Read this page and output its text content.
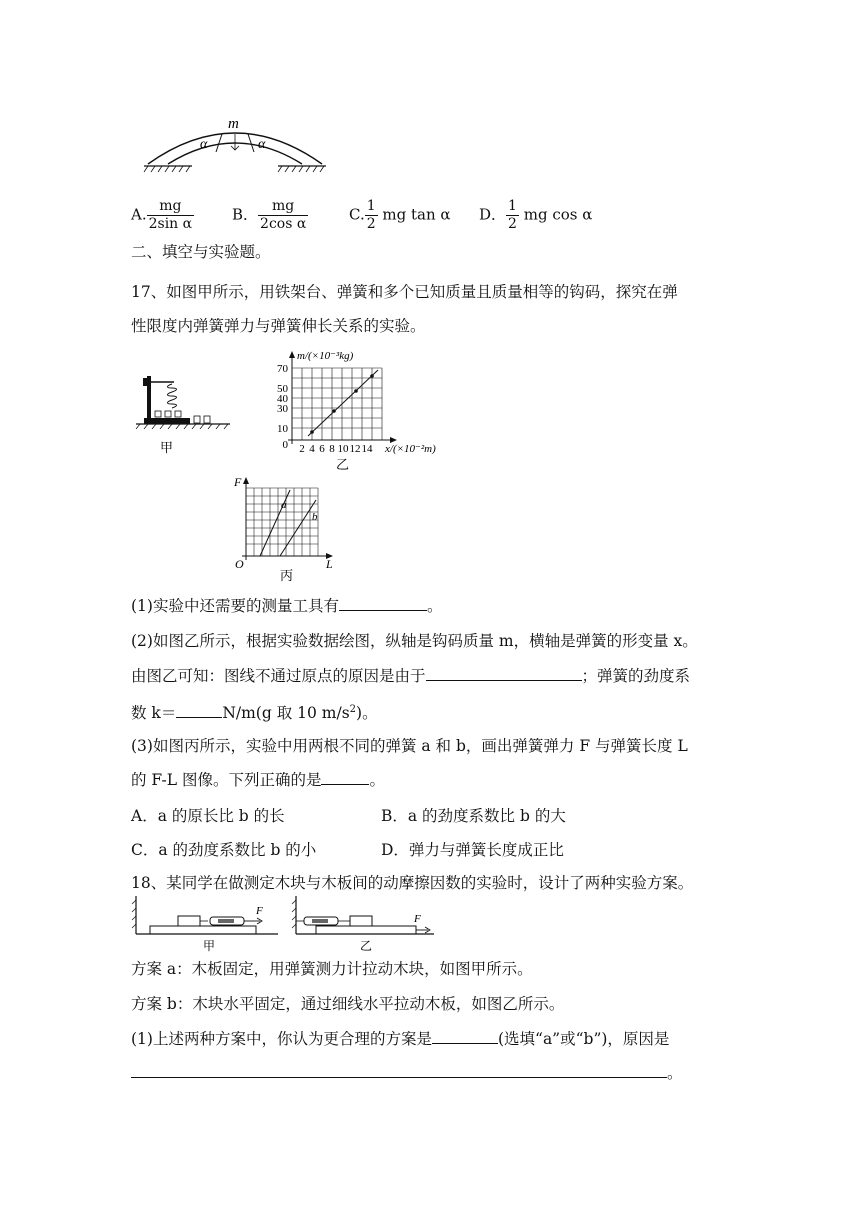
m
α	α
A. $\frac{mg}{\text{2sin α}}$	B． $\frac{mg}{\text{2cos α}}$	C. $\frac{1}{2}$ mg tan α D． $\frac{1}{2}$ mg cos α
二、填空与实验题。
17、如图甲所示，用铁架台、弹簧和多个已知质量且质量相等的钩码，探究在弹
性限度内弹簧弹力与弹簧伸长关系的实验。
甲
m/(×10⁻³kg)
70
50
40
30
10
0 2 4 6 8 10 12 14 x/(×10⁻²m)
乙
F
O	L
a
b
丙
(1)实验中还需要的测量工具有	。
(2)如图乙所示，根据实验数据绘图，纵轴是钩码质量 m，横轴是弹簧的形变量 x。
由图乙可知：图线不通过原点的原因是由于	；弹簧的劲度系
数 k＝	N/m(g 取 10 $m/s^2$)。
(3)如图丙所示，实验中用两根不同的弹簧 a 和 b，画出弹簧弹力 F 与弹簧长度 L
的 F-L 图像。下列正确的是	。
A．a 的原长比 b 的长	B．a 的劲度系数比 b 的大
C．a 的劲度系数比 b 的小	D．弹力与弹簧长度成正比
18、某同学在做测定木块与木板间的动摩擦因数的实验时，设计了两种实验方案。
F
甲
F
乙
方案 a：木板固定，用弹簧测力计拉动木块，如图甲所示。
方案 b：木块水平固定，通过细线水平拉动木板，如图乙所示。
(1)上述两种方案中，你认为更合理的方案是	(选填“a”或“b”)，原因是
。
